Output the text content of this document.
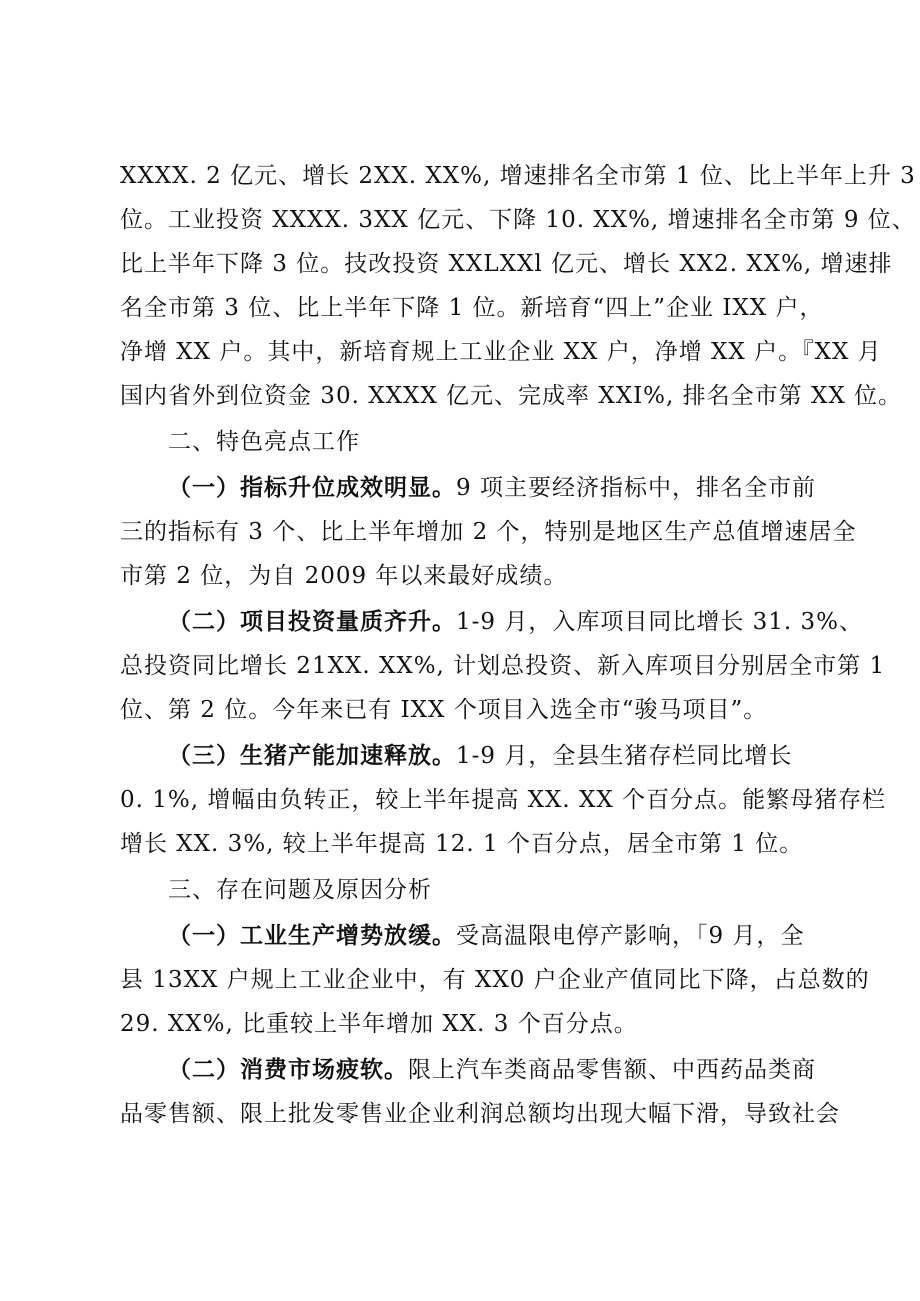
XXXX. 2 亿元、增长 2XX. XX%, 增速排名全市第 1 位、比上半年上升 3
位。工业投资 XXXX. 3XX 亿元、下降 10. XX%, 增速排名全市第 9 位、
比上半年下降 3 位。技改投资 XXLXXl 亿元、增长 XX2. XX%, 增速排
名全市第 3 位、比上半年下降 1 位。新培育“四上”企业 IXX 户，
净增 XX 户。其中，新培育规上工业企业 XX 户，净增 XX 户。『XX 月
国内省外到位资金 30. XXXX 亿元、完成率 XXI%, 排名全市第 XX 位。
二、特色亮点工作
（一）指标升位成效明显。9 项主要经济指标中，排名全市前
三的指标有 3 个、比上半年增加 2 个，特别是地区生产总值增速居全
市第 2 位，为自 2009 年以来最好成绩。
（二）项目投资量质齐升。1-9 月，入库项目同比增长 31. 3%、
总投资同比增长 21XX. XX%, 计划总投资、新入库项目分别居全市第 1
位、第 2 位。今年来已有 IXX 个项目入选全市“骏马项目”。
（三）生猪产能加速释放。1-9 月，全县生猪存栏同比增长
0. 1%, 增幅由负转正，较上半年提高 XX. XX 个百分点。能繁母猪存栏
增长 XX. 3%, 较上半年提高 12. 1 个百分点，居全市第 1 位。
三、存在问题及原因分析
（一）工业生产增势放缓。受高温限电停产影响，「9 月，全
县 13XX 户规上工业企业中，有 XX0 户企业产值同比下降，占总数的
29. XX%, 比重较上半年增加 XX. 3 个百分点。
（二）消费市场疲软。限上汽车类商品零售额、中西药品类商
品零售额、限上批发零售业企业利润总额均出现大幅下滑，导致社会
